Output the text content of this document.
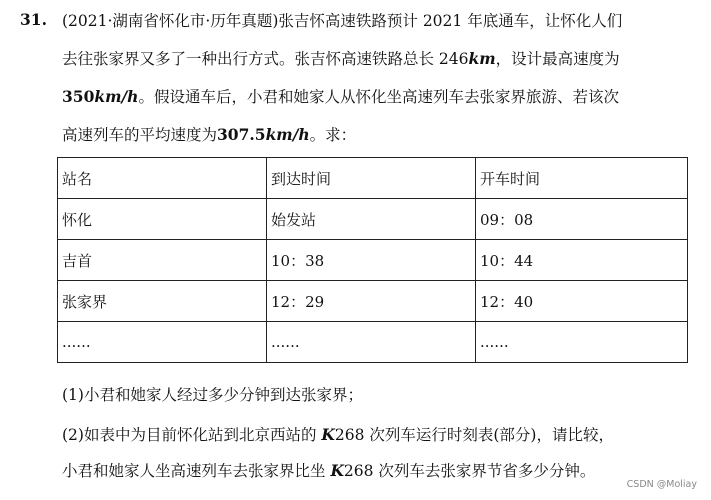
31. (2021·湖南省怀化市·历年真题)张吉怀高速铁路预计 2021 年底通车，让怀化人们
去往张家界又多了一种出行方式。张吉怀高速铁路总长 246km，设计最高速度为
350km/h。假设通车后，小君和她家人从怀化坐高速列车去张家界旅游、若该次
高速列车的平均速度为307.5km/h。求：
站名	到达时间	开车时间
怀化	始发站	09：08
吉首	10：38	10：44
张家界	12：29	12：40
......	......	......
(1)小君和她家人经过多少分钟到达张家界；
(2)如表中为目前怀化站到北京西站的 K268 次列车运行时刻表(部分)，请比较，
小君和她家人坐高速列车去张家界比坐 K268 次列车去张家界节省多少分钟。
CSDN @Moliay
